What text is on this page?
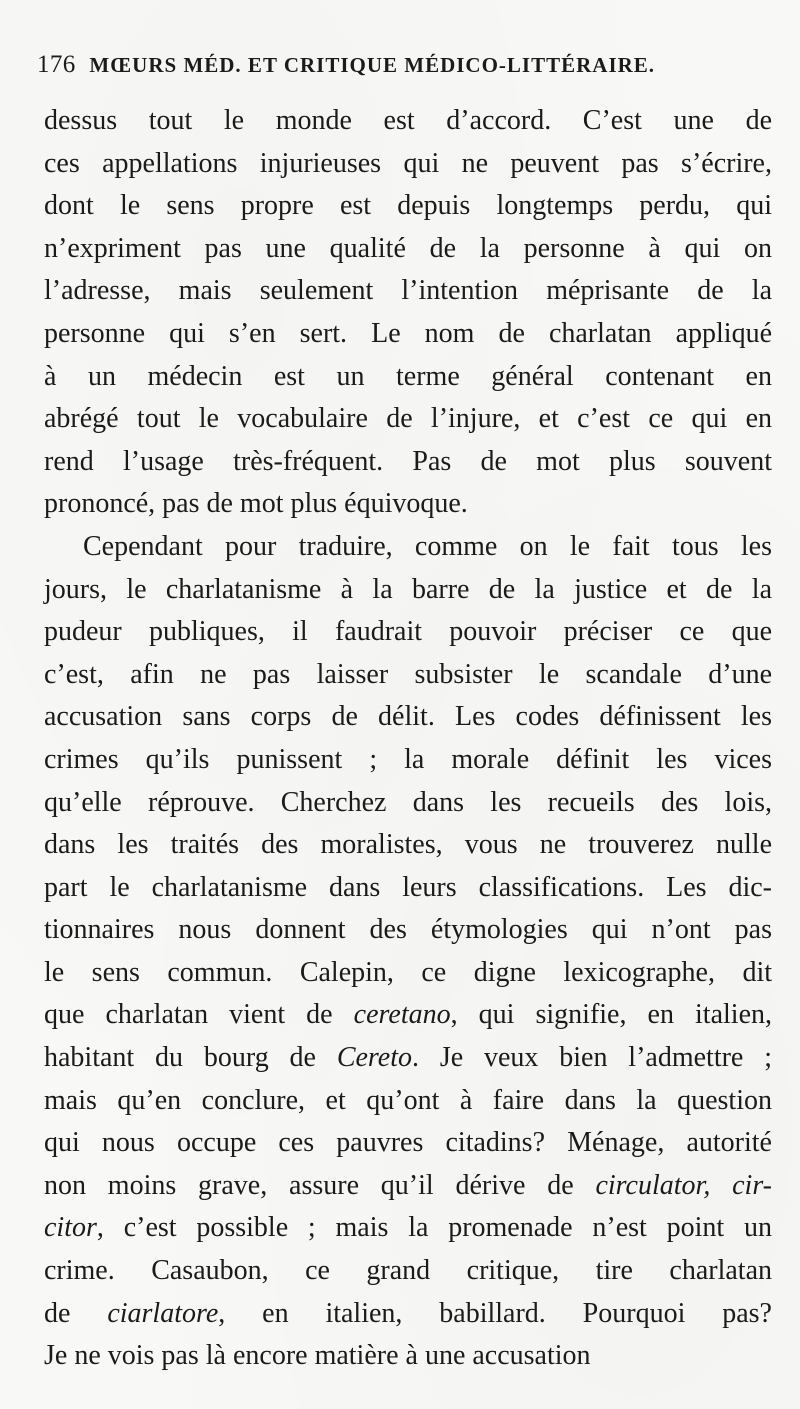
176 MŒURS MÉD. ET CRITIQUE MÉDICO-LITTÉRAIRE.
dessus tout le monde est d’accord. C’est une de
ces appellations injurieuses qui ne peuvent pas s’écrire,
dont le sens propre est depuis longtemps perdu, qui
n’expriment pas une qualité de la personne à qui on
l’adresse, mais seulement l’intention méprisante de la
personne qui s’en sert. Le nom de charlatan appliqué
à un médecin est un terme général contenant en
abrégé tout le vocabulaire de l’injure, et c’est ce qui en
rend l’usage très-fréquent. Pas de mot plus souvent
prononcé, pas de mot plus équivoque.
Cependant pour traduire, comme on le fait tous les
jours, le charlatanisme à la barre de la justice et de la
pudeur publiques, il faudrait pouvoir préciser ce que
c’est, afin ne pas laisser subsister le scandale d’une
accusation sans corps de délit. Les codes définissent les
crimes qu’ils punissent ; la morale définit les vices
qu’elle réprouve. Cherchez dans les recueils des lois,
dans les traités des moralistes, vous ne trouverez nulle
part le charlatanisme dans leurs classifications. Les dic-
tionnaires nous donnent des étymologies qui n’ont pas
le sens commun. Calepin, ce digne lexicographe, dit
que charlatan vient de ceretano, qui signifie, en italien,
habitant du bourg de Cereto. Je veux bien l’admettre ;
mais qu’en conclure, et qu’ont à faire dans la question
qui nous occupe ces pauvres citadins? Ménage, autorité
non moins grave, assure qu’il dérive de circulator, cir-
citor, c’est possible ; mais la promenade n’est point un
crime. Casaubon, ce grand critique, tire charlatan
de ciarlatore, en italien, babillard. Pourquoi pas?
Je ne vois pas là encore matière à une accusation
